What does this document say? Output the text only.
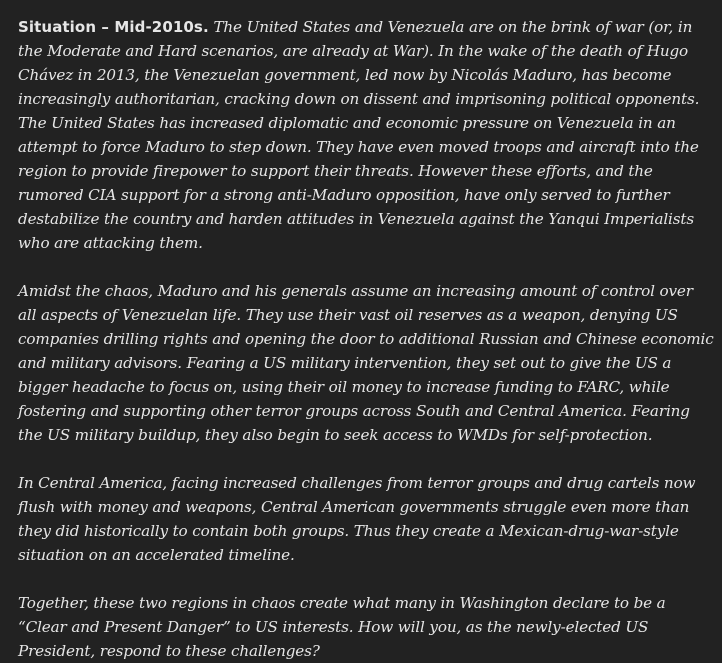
Situation – Mid-2010s. The United States and Venezuela are on the brink of war (or, in the Moderate and Hard scenarios, are already at War). In the wake of the death of Hugo Chávez in 2013, the Venezuelan government, led now by Nicolás Maduro, has become increasingly authoritarian, cracking down on dissent and imprisoning political opponents. The United States has increased diplomatic and economic pressure on Venezuela in an attempt to force Maduro to step down. They have even moved troops and aircraft into the region to provide firepower to support their threats. However these efforts, and the rumored CIA support for a strong anti-Maduro opposition, have only served to further destabilize the country and harden attitudes in Venezuela against the Yanqui Imperialists who are attacking them.

Amidst the chaos, Maduro and his generals assume an increasing amount of control over all aspects of Venezuelan life. They use their vast oil reserves as a weapon, denying US companies drilling rights and opening the door to additional Russian and Chinese economic and military advisors. Fearing a US military intervention, they set out to give the US a bigger headache to focus on, using their oil money to increase funding to FARC, while fostering and supporting other terror groups across South and Central America. Fearing the US military buildup, they also begin to seek access to WMDs for self-protection.

In Central America, facing increased challenges from terror groups and drug cartels now flush with money and weapons, Central American governments struggle even more than they did historically to contain both groups. Thus they create a Mexican-drug-war-style situation on an accelerated timeline.

Together, these two regions in chaos create what many in Washington declare to be a “Clear and Present Danger” to US interests. How will you, as the newly-elected US President, respond to these challenges?
